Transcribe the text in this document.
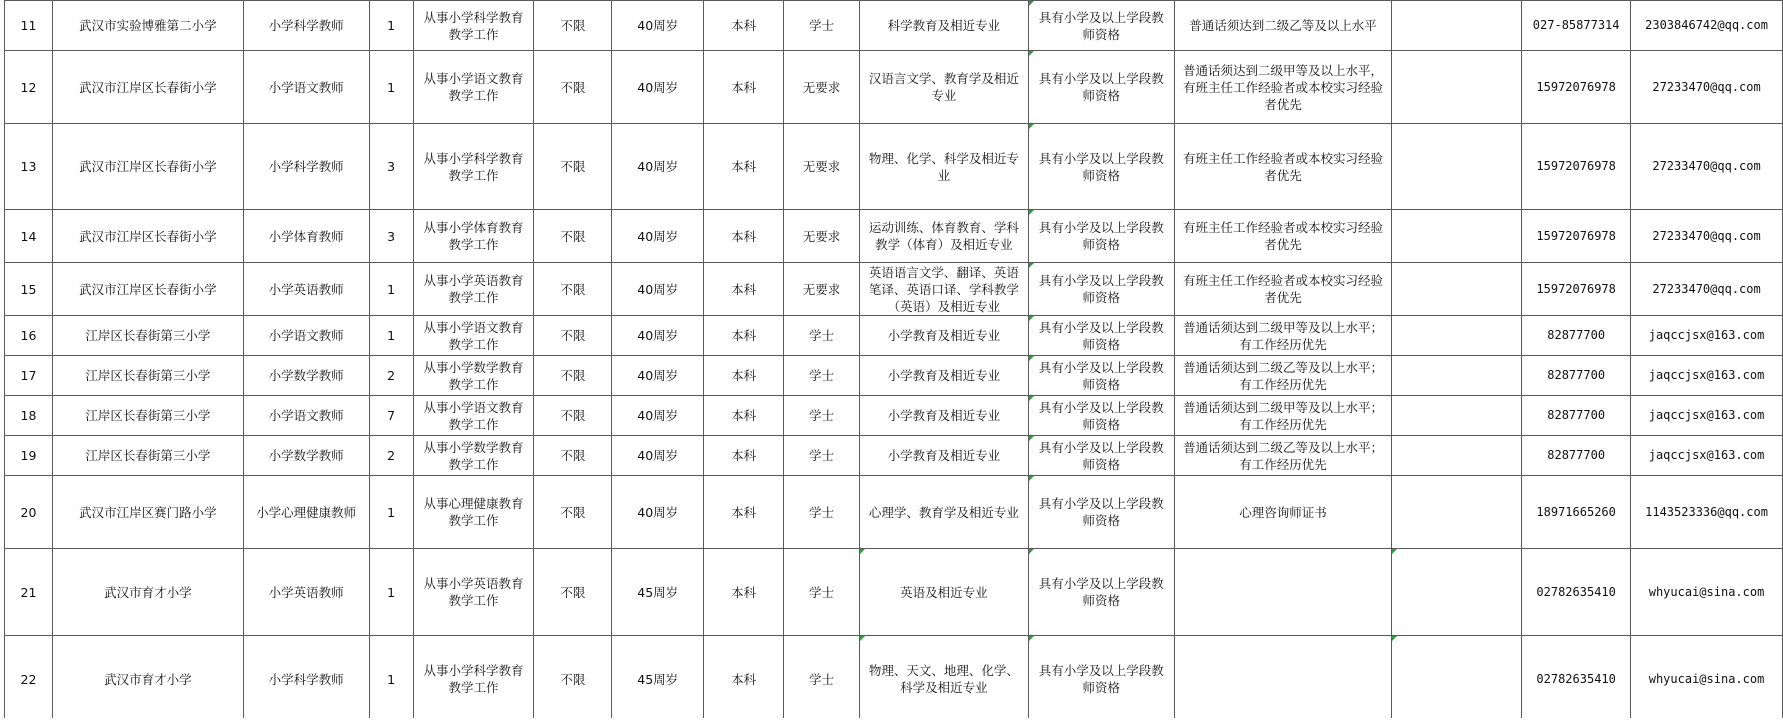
11	武汉市实验博雅第二小学	小学科学教师	1	从事小学科学教育教学工作	不限	40周岁	本科	学士	科学教育及相近专业	具有小学及以上学段教师资格	普通话须达到二级乙等及以上水平		027-85877314	2303846742@qq.com
12	武汉市江岸区长春街小学	小学语文教师	1	从事小学语文教育教学工作	不限	40周岁	本科	无要求	汉语言文学、教育学及相近专业	具有小学及以上学段教师资格	普通话须达到二级甲等及以上水平，有班主任工作经验者或本校实习经验者优先		15972076978	27233470@qq.com
13	武汉市江岸区长春街小学	小学科学教师	3	从事小学科学教育教学工作	不限	40周岁	本科	无要求	物理、化学、科学及相近专业	具有小学及以上学段教师资格	有班主任工作经验者或本校实习经验者优先		15972076978	27233470@qq.com
14	武汉市江岸区长春街小学	小学体育教师	3	从事小学体育教育教学工作	不限	40周岁	本科	无要求	运动训练、体育教育、学科教学（体育）及相近专业	具有小学及以上学段教师资格	有班主任工作经验者或本校实习经验者优先		15972076978	27233470@qq.com
15	武汉市江岸区长春街小学	小学英语教师	1	从事小学英语教育教学工作	不限	40周岁	本科	无要求	英语语言文学、翻译、英语笔译、英语口译、学科教学（英语）及相近专业	具有小学及以上学段教师资格	有班主任工作经验者或本校实习经验者优先		15972076978	27233470@qq.com
16	江岸区长春街第三小学	小学语文教师	1	从事小学语文教育教学工作	不限	40周岁	本科	学士	小学教育及相近专业	具有小学及以上学段教师资格	普通话须达到二级甲等及以上水平；有工作经历优先		82877700	jaqccjsx@163.com
17	江岸区长春街第三小学	小学数学教师	2	从事小学数学教育教学工作	不限	40周岁	本科	学士	小学教育及相近专业	具有小学及以上学段教师资格	普通话须达到二级乙等及以上水平；有工作经历优先		82877700	jaqccjsx@163.com
18	江岸区长春街第三小学	小学语文教师	7	从事小学语文教育教学工作	不限	40周岁	本科	学士	小学教育及相近专业	具有小学及以上学段教师资格	普通话须达到二级甲等及以上水平；有工作经历优先		82877700	jaqccjsx@163.com
19	江岸区长春街第三小学	小学数学教师	2	从事小学数学教育教学工作	不限	40周岁	本科	学士	小学教育及相近专业	具有小学及以上学段教师资格	普通话须达到二级乙等及以上水平；有工作经历优先		82877700	jaqccjsx@163.com
20	武汉市江岸区赛门路小学	小学心理健康教师	1	从事心理健康教育教学工作	不限	40周岁	本科	学士	心理学、教育学及相近专业	具有小学及以上学段教师资格	心理咨询师证书		18971665260	1143523336@qq.com
21	武汉市育才小学	小学英语教师	1	从事小学英语教育教学工作	不限	45周岁	本科	学士	英语及相近专业	具有小学及以上学段教师资格			02782635410	whyucai@sina.com
22	武汉市育才小学	小学科学教师	1	从事小学科学教育教学工作	不限	45周岁	本科	学士	物理、天文、地理、化学、科学及相近专业	具有小学及以上学段教师资格			02782635410	whyucai@sina.com
